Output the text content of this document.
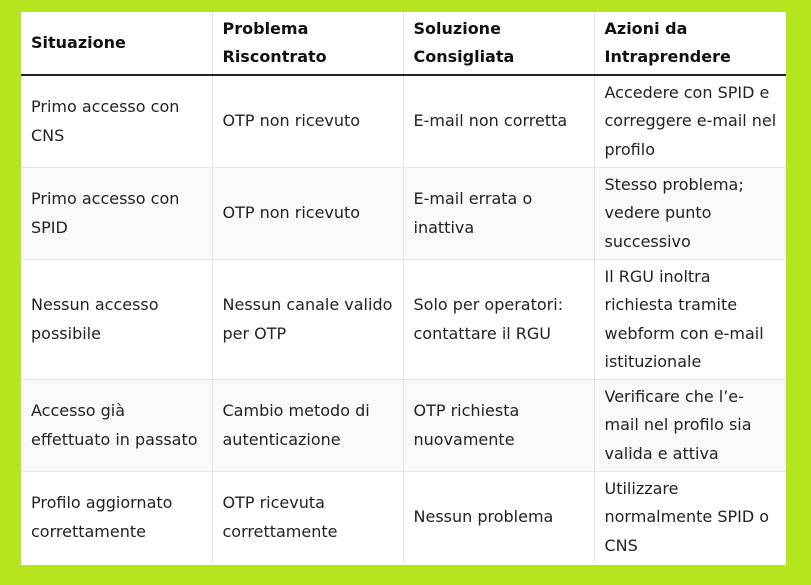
Situazione	Problema Riscontrato	Soluzione Consigliata	Azioni da Intraprendere
Primo accesso con CNS	OTP non ricevuto	E-mail non corretta	Accedere con SPID e correggere e-mail nel profilo
Primo accesso con SPID	OTP non ricevuto	E-mail errata o inattiva	Stesso problema; vedere punto successivo
Nessun accesso possibile	Nessun canale valido per OTP	Solo per operatori: contattare il RGU	Il RGU inoltra richiesta tramite webform con e-mail istituzionale
Accesso già effettuato in passato	Cambio metodo di autenticazione	OTP richiesta nuovamente	Verificare che l’e-mail nel profilo sia valida e attiva
Profilo aggiornato correttamente	OTP ricevuta correttamente	Nessun problema	Utilizzare normalmente SPID o CNS
